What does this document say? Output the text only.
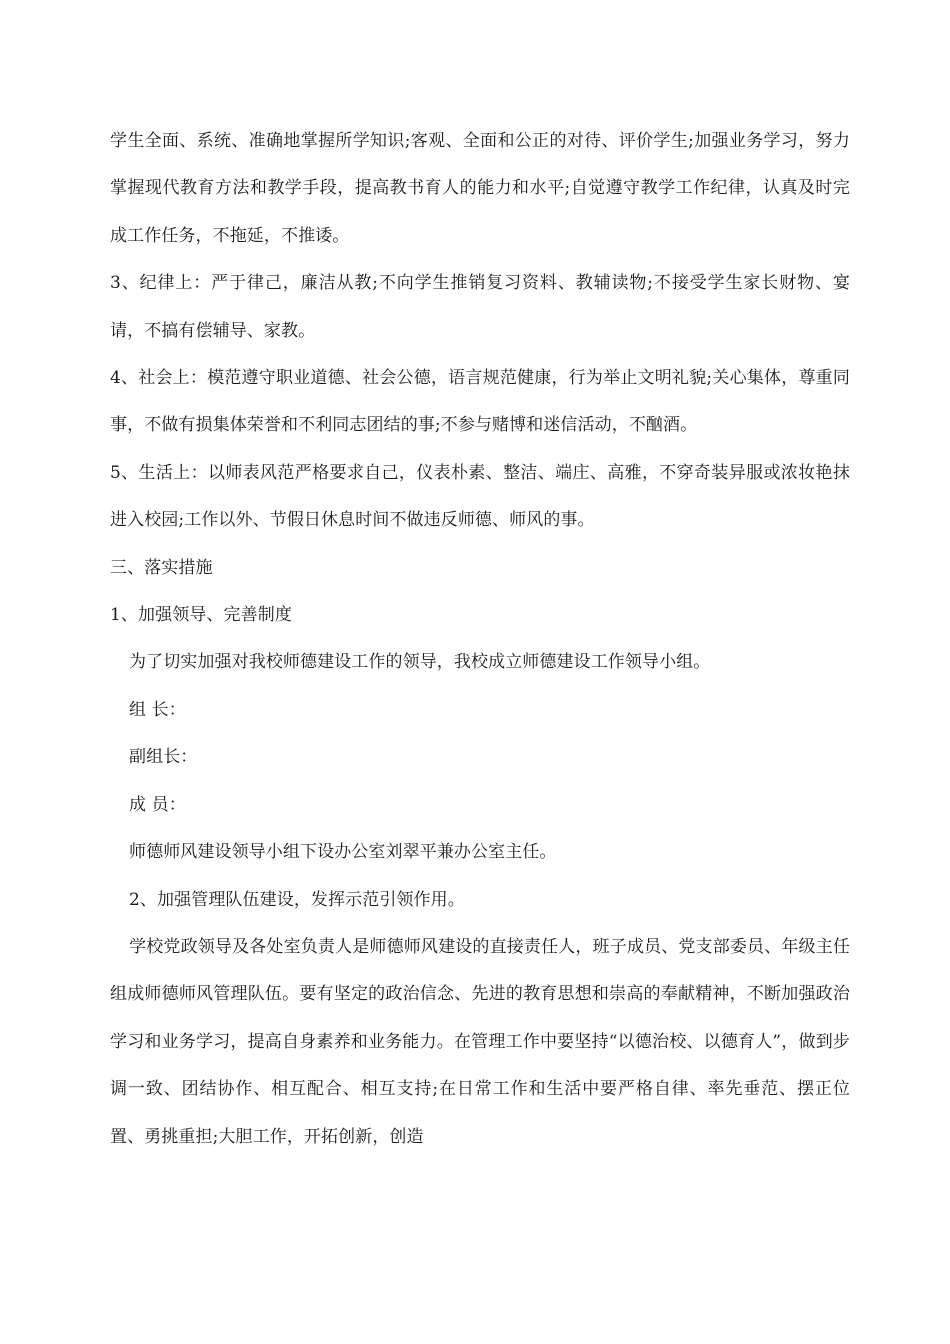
学生全面、系统、准确地掌握所学知识;客观、全面和公正的对待、评价学生;加强业务学习，努力掌握现代教育方法和教学手段，提高教书育人的能力和水平;自觉遵守教学工作纪律，认真及时完成工作任务，不拖延，不推诿。

3、纪律上：严于律己，廉洁从教;不向学生推销复习资料、教辅读物;不接受学生家长财物、宴请，不搞有偿辅导、家教。

4、社会上：模范遵守职业道德、社会公德，语言规范健康，行为举止文明礼貌;关心集体，尊重同事，不做有损集体荣誉和不利同志团结的事;不参与赌博和迷信活动，不酗酒。

5、生活上：以师表风范严格要求自己，仪表朴素、整洁、端庄、高雅，不穿奇装异服或浓妆艳抹进入校园;工作以外、节假日休息时间不做违反师德、师风的事。

三、落实措施

1、加强领导、完善制度

为了切实加强对我校师德建设工作的领导，我校成立师德建设工作领导小组。

组 长：

副组长：

成 员：

师德师风建设领导小组下设办公室刘翠平兼办公室主任。

2、加强管理队伍建设，发挥示范引领作用。

学校党政领导及各处室负责人是师德师风建设的直接责任人，班子成员、党支部委员、年级主任组成师德师风管理队伍。要有坚定的政治信念、先进的教育思想和崇高的奉献精神，不断加强政治学习和业务学习，提高自身素养和业务能力。在管理工作中要坚持“以德治校、以德育人”，做到步调一致、团结协作、相互配合、相互支持;在日常工作和生活中要严格自律、率先垂范、摆正位置、勇挑重担;大胆工作，开拓创新，创造
